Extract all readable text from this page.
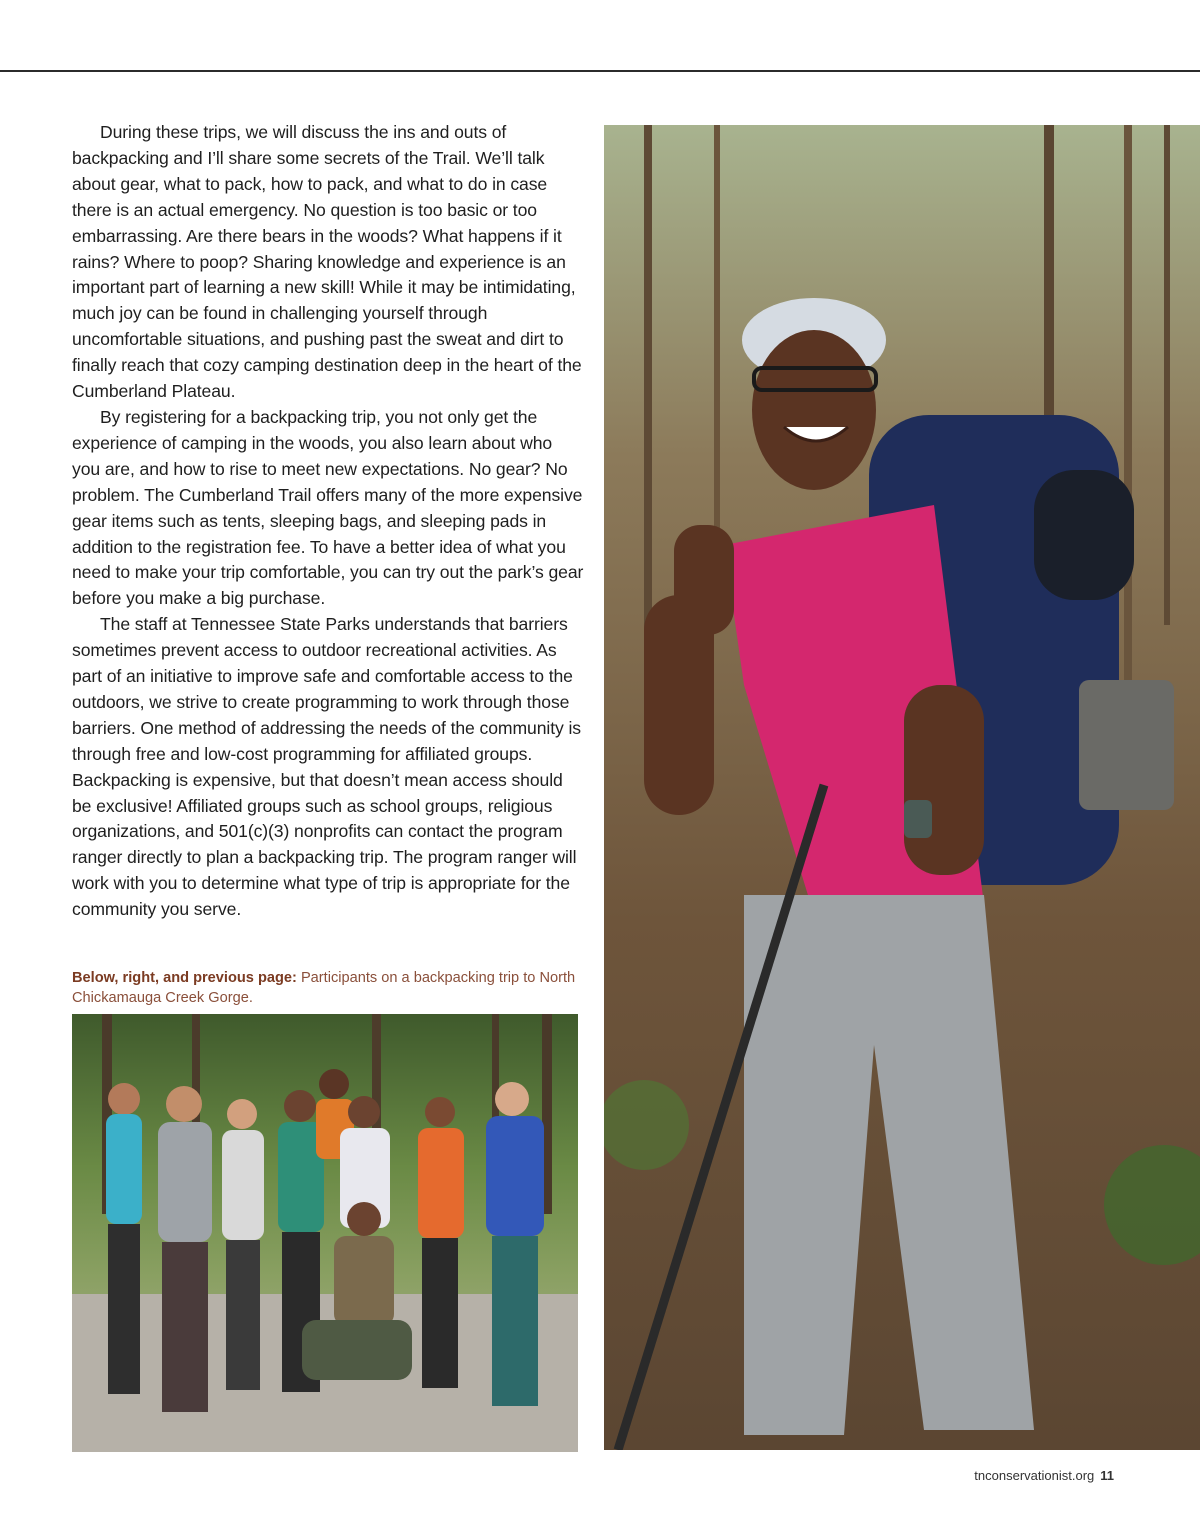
During these trips, we will discuss the ins and outs of backpacking and I’ll share some secrets of the Trail. We’ll talk about gear, what to pack, how to pack, and what to do in case there is an actual emergency. No question is too basic or too embarrassing. Are there bears in the woods? What happens if it rains? Where to poop? Sharing knowledge and experience is an important part of learning a new skill! While it may be intimidating, much joy can be found in challenging yourself through uncomfortable situations, and pushing past the sweat and dirt to finally reach that cozy camping destination deep in the heart of the Cumberland Plateau.

By registering for a backpacking trip, you not only get the experience of camping in the woods, you also learn about who you are, and how to rise to meet new expectations. No gear? No problem. The Cumberland Trail offers many of the more expensive gear items such as tents, sleeping bags, and sleeping pads in addition to the registration fee. To have a better idea of what you need to make your trip comfortable, you can try out the park’s gear before you make a big purchase.

The staff at Tennessee State Parks understands that barriers sometimes prevent access to outdoor recreational activities. As part of an initiative to improve safe and comfortable access to the outdoors, we strive to create programming to work through those barriers. One method of addressing the needs of the community is through free and low-cost programming for affiliated groups. Backpacking is expensive, but that doesn’t mean access should be exclusive! Affiliated groups such as school groups, religious organizations, and 501(c)(3) nonprofits can contact the program ranger directly to plan a backpacking trip. The program ranger will work with you to determine what type of trip is appropriate for the community you serve.

Below, right, and previous page: Participants on a backpacking trip to North Chickamauga Creek Gorge.
tnconservationist.org 11
